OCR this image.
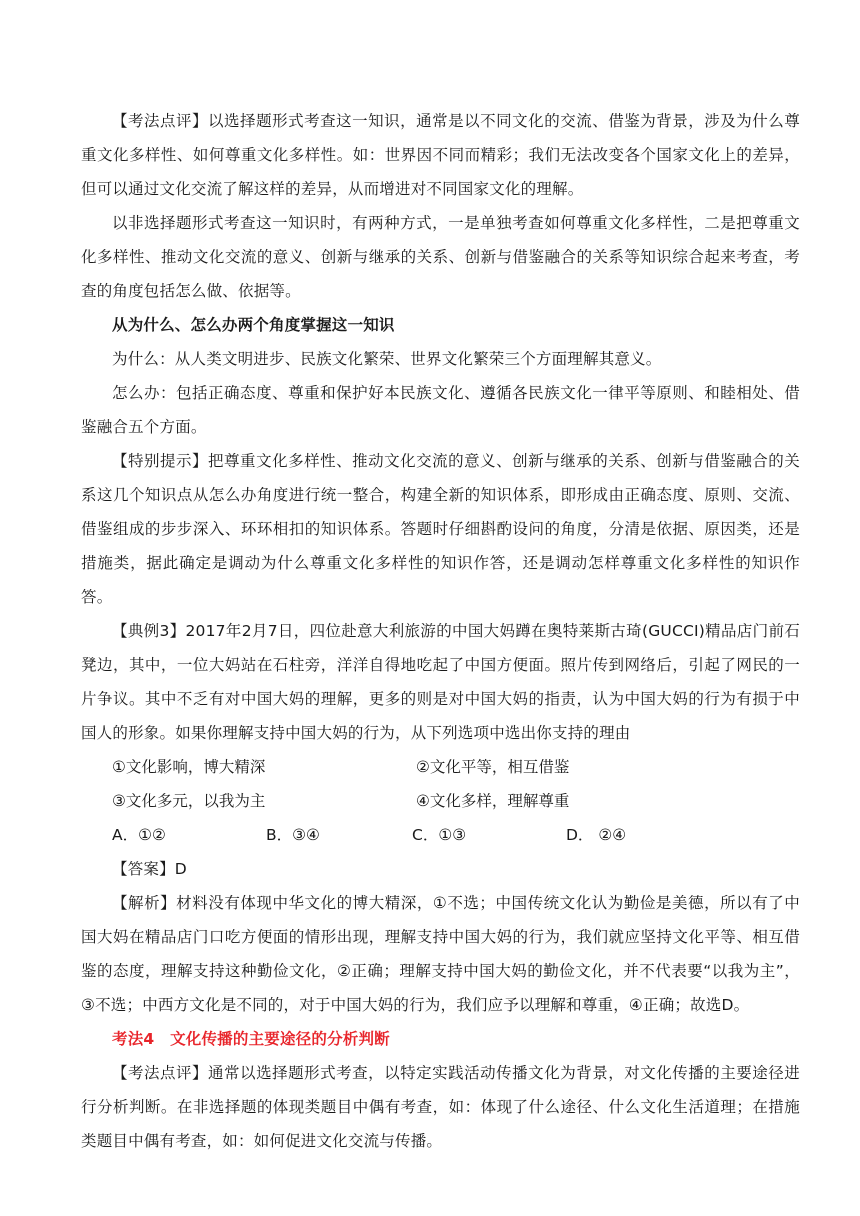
【考法点评】以选择题形式考查这一知识，通常是以不同文化的交流、借鉴为背景，涉及为什么尊重文化多样性、如何尊重文化多样性。如：世界因不同而精彩；我们无法改变各个国家文化上的差异，但可以通过文化交流了解这样的差异，从而增进对不同国家文化的理解。

以非选择题形式考查这一知识时，有两种方式，一是单独考查如何尊重文化多样性，二是把尊重文化多样性、推动文化交流的意义、创新与继承的关系、创新与借鉴融合的关系等知识综合起来考查，考查的角度包括怎么做、依据等。

从为什么、怎么办两个角度掌握这一知识

为什么：从人类文明进步、民族文化繁荣、世界文化繁荣三个方面理解其意义。

怎么办：包括正确态度、尊重和保护好本民族文化、遵循各民族文化一律平等原则、和睦相处、借鉴融合五个方面。

【特别提示】把尊重文化多样性、推动文化交流的意义、创新与继承的关系、创新与借鉴融合的关系这几个知识点从怎么办角度进行统一整合，构建全新的知识体系，即形成由正确态度、原则、交流、借鉴组成的步步深入、环环相扣的知识体系。答题时仔细斟酌设问的角度，分清是依据、原因类，还是措施类，据此确定是调动为什么尊重文化多样性的知识作答，还是调动怎样尊重文化多样性的知识作答。

【典例3】2017年2月7日，四位赴意大利旅游的中国大妈蹲在奥特莱斯古琦(GUCCI)精品店门前石凳边，其中，一位大妈站在石柱旁，洋洋自得地吃起了中国方便面。照片传到网络后，引起了网民的一片争议。其中不乏有对中国大妈的理解，更多的则是对中国大妈的指责，认为中国大妈的行为有损于中国人的形象。如果你理解支持中国大妈的行为，从下列选项中选出你支持的理由

①文化影响，博大精深	②文化平等，相互借鉴
③文化多元，以我为主	④文化多样，理解尊重
A．①②	B．③④	C．①③	D． ②④

【答案】D

【解析】材料没有体现中华文化的博大精深，①不选；中国传统文化认为勤俭是美德，所以有了中国大妈在精品店门口吃方便面的情形出现，理解支持中国大妈的行为，我们就应坚持文化平等、相互借鉴的态度，理解支持这种勤俭文化，②正确；理解支持中国大妈的勤俭文化，并不代表要“以我为主”，③不选；中西方文化是不同的，对于中国大妈的行为，我们应予以理解和尊重，④正确；故选D。

考法4　文化传播的主要途径的分析判断

【考法点评】通常以选择题形式考查，以特定实践活动传播文化为背景，对文化传播的主要途径进行分析判断。在非选择题的体现类题目中偶有考查，如：体现了什么途径、什么文化生活道理；在措施类题目中偶有考查，如：如何促进文化交流与传播。
